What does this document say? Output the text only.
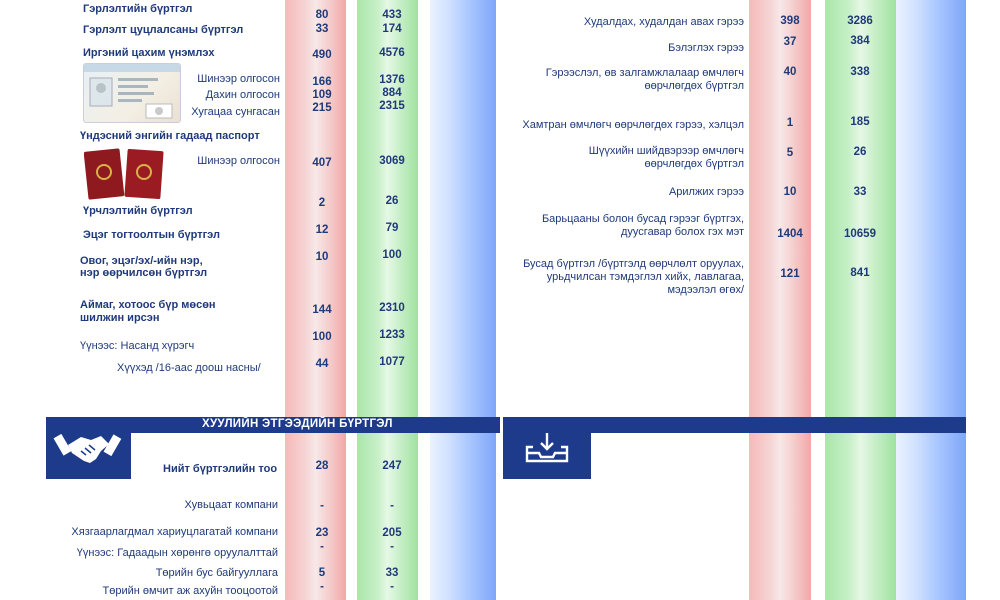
ХУУЛИЙН ЭТГЭЭДИЙН БҮРТГЭЛ
Гэрлэлтийн бүртгэл
Гэрлэлт цуцлалсаны бүртгэл
Иргэний цахим үнэмлэх
Шинээр олгосон
Дахин олгосон
Хугацаа сунгасан
Үндэсний энгийн гадаад паспорт
Шинээр олгосон
Үрчлэлтийн бүртгэл
Эцэг тогтоолтын бүртгэл
Овог, эцэг/эх/-ийн нэр,
нэр өөрчилсөн бүртгэл
Аймаг, хотоос бүр мөсөн
шилжин ирсэн
Үүнээс: Насанд хүрэгч
Хүүхэд /16-аас доош насны/
80
33
490
166
109
215
407
2
12
10
144
100
44
433
174
4576
1376
884
2315
3069
26
79
100
2310
1233
1077
Нийт бүртгэлийн тоо
Хувьцаат компани
Хязгаарлагдмал хариуцлагатай компани
Үүнээс: Гадаадын хөрөнгө оруулалттай
Төрийн бус байгууллага
Төрийн өмчит аж ахуйн тооцоотой
28
-
23
-
5
-
247
-
205
-
33
-
Худалдах, худалдан авах гэрээ
Бэлэглэх гэрээ
Гэрээслэл, өв залгамжлалаар өмчлөгч
өөрчлөгдөх бүртгэл
Хамтран өмчлөгч өөрчлөгдөх гэрээ, хэлцэл
Шүүхийн шийдвэрээр өмчлөгч
өөрчлөгдөх бүртгэл
Арилжих гэрээ
Барьцааны болон бусад гэрээг бүртгэх,
дуусгавар болох гэх мэт
Бусад бүртгэл /бүртгэлд өөрчлөлт оруулах,
урьдчилсан тэмдэглэл хийх, лавлагаа,
мэдээлэл өгөх/
398
37
40
1
5
10
1404
121
3286
384
338
185
26
33
10659
841
